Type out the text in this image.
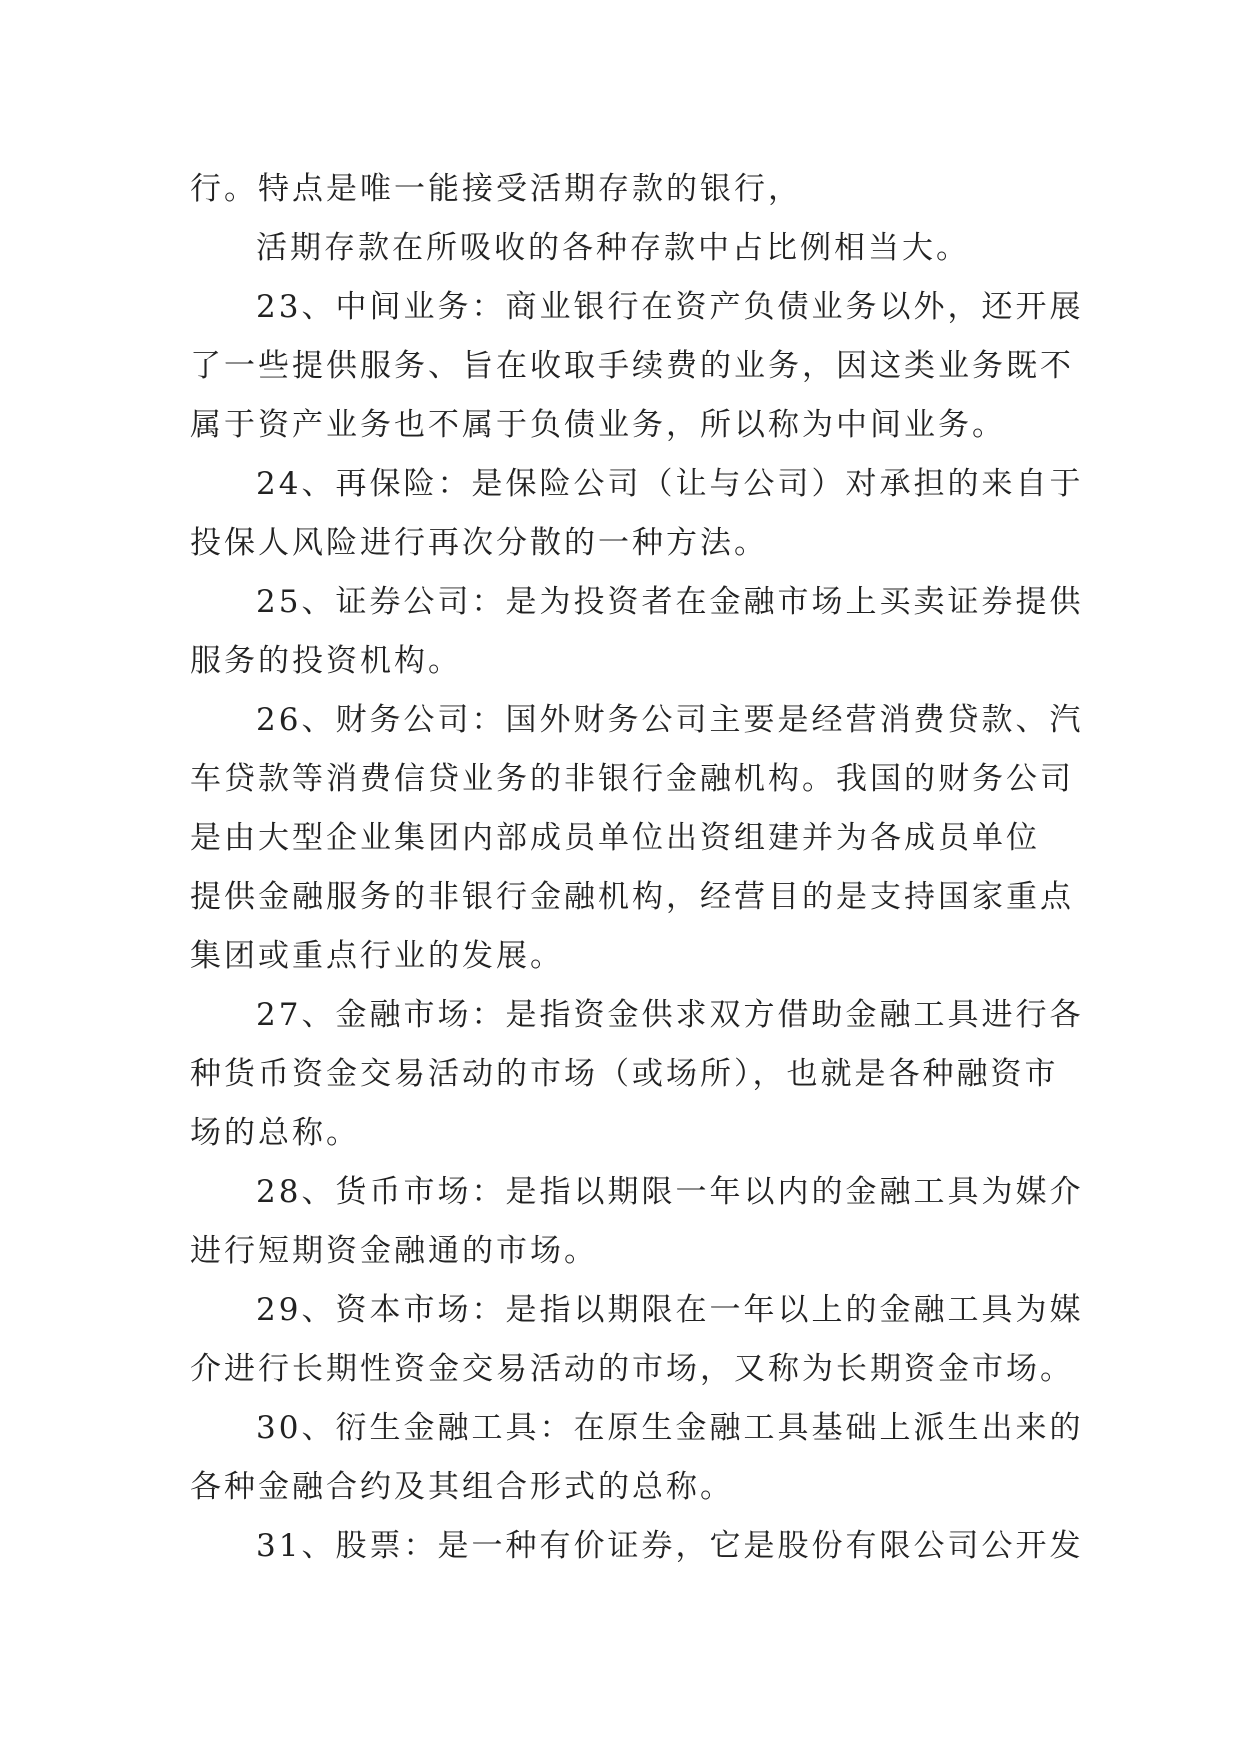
行。特点是唯一能接受活期存款的银行，
活期存款在所吸收的各种存款中占比例相当大。
23、中间业务：商业银行在资产负债业务以外，还开展
了一些提供服务、旨在收取手续费的业务，因这类业务既不
属于资产业务也不属于负债业务，所以称为中间业务。
24、再保险：是保险公司（让与公司）对承担的来自于
投保人风险进行再次分散的一种方法。
25、证券公司：是为投资者在金融市场上买卖证券提供
服务的投资机构。
26、财务公司：国外财务公司主要是经营消费贷款、汽
车贷款等消费信贷业务的非银行金融机构。我国的财务公司
是由大型企业集团内部成员单位出资组建并为各成员单位
提供金融服务的非银行金融机构，经营目的是支持国家重点
集团或重点行业的发展。
27、金融市场：是指资金供求双方借助金融工具进行各
种货币资金交易活动的市场（或场所），也就是各种融资市
场的总称。
28、货币市场：是指以期限一年以内的金融工具为媒介
进行短期资金融通的市场。
29、资本市场：是指以期限在一年以上的金融工具为媒
介进行长期性资金交易活动的市场，又称为长期资金市场。
30、衍生金融工具：在原生金融工具基础上派生出来的
各种金融合约及其组合形式的总称。
31、股票：是一种有价证券，它是股份有限公司公开发
